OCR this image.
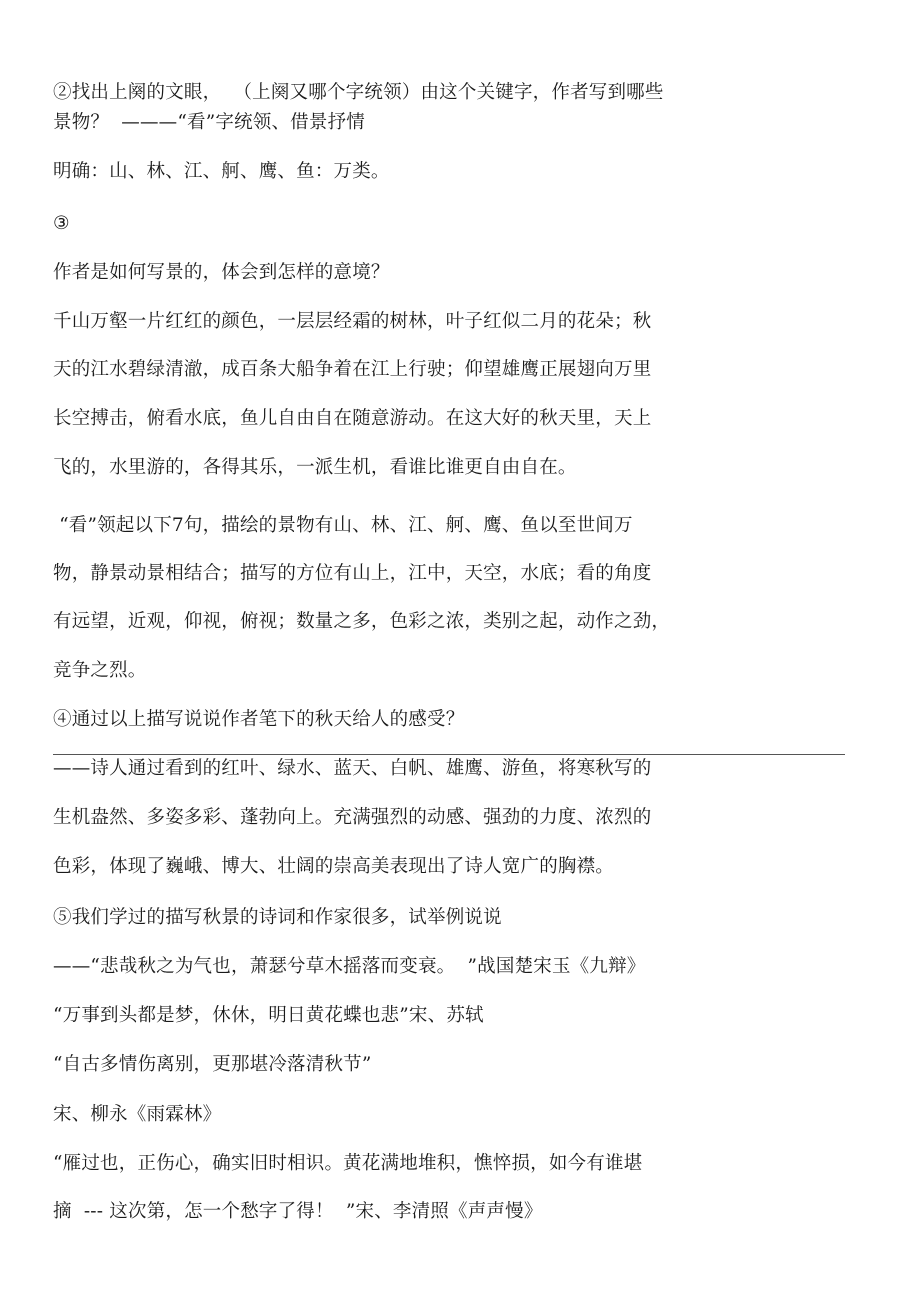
②找出上阕的文眼，  （上阕又哪个字统领）由这个关键字，作者写到哪些
景物？  ———“看”字统领、借景抒情
明确：山、林、江、舸、鹰、鱼：万类。
③
作者是如何写景的，体会到怎样的意境？
千山万壑一片红红的颜色，一层层经霜的树林，叶子红似二月的花朵；秋
天的江水碧绿清澈，成百条大船争着在江上行驶；仰望雄鹰正展翅向万里
长空搏击，俯看水底，鱼儿自由自在随意游动。在这大好的秋天里，天上
飞的，水里游的，各得其乐，一派生机，看谁比谁更自由自在。
“看”领起以下7句，描绘的景物有山、林、江、舸、鹰、鱼以至世间万
物，静景动景相结合；描写的方位有山上，江中，天空，水底；看的角度
有远望，近观，仰视，俯视；数量之多，色彩之浓，类别之起，动作之劲，
竞争之烈。
④通过以上描写说说作者笔下的秋天给人的感受？
——诗人通过看到的红叶、绿水、蓝天、白帆、雄鹰、游鱼，将寒秋写的
生机盎然、多姿多彩、蓬勃向上。充满强烈的动感、强劲的力度、浓烈的
色彩，体现了巍峨、博大、壮阔的崇高美表现出了诗人宽广的胸襟。
⑤我们学过的描写秋景的诗词和作家很多，试举例说说
——“悲哉秋之为气也，萧瑟兮草木摇落而变衰。  ”战国楚宋玉《九辩》
“万事到头都是梦，休休，明日黄花蝶也悲”宋、苏轼
“自古多情伤离别，更那堪冷落清秋节”
宋、柳永《雨霖林》
“雁过也，正伤心，确实旧时相识。黄花满地堆积，憔悴损，如今有谁堪
摘  --- 这次第，怎一个愁字了得！  ”宋、李清照《声声慢》
